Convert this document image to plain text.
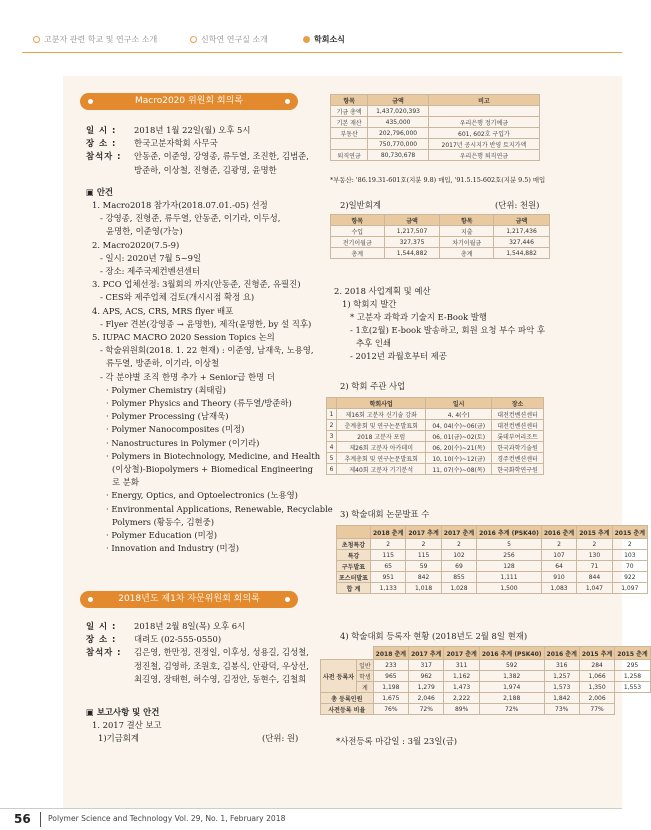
고분자 관련 학교 및 연구소 소개	신학연 연구실 소개	학회소식
Macro2020 위원회 회의록
일 시 : 2018년 1월 22일(월) 오후 5시
장 소 : 한국고분자학회 사무국
참석자 : 안동준, 이준영, 강영종, 류두열, 조진한, 김범준,
방준하, 이상철, 진형준, 김광명, 윤명한
▣ 안건
1. Macro2018 참가자(2018.07.01.-05) 선정
- 강영종, 진형준, 류두열, 안동준, 이기라, 이두성,
윤명한, 이준영(가능)
2. Macro2020(7.5-9)
- 일시: 2020년 7월 5~9일
- 장소: 제주국제컨벤션센터
3. PCO 업체선정: 3월회의 까지(안동준, 진형준, 유필진)
- CES와 제주업체 검토(개시시점 확정 요)
4. APS, ACS, CRS, MRS flyer 배포
- Flyer 견본(강영종 → 윤명한), 제작(윤명한, by 설 직후)
5. IUPAC MACRO 2020 Session Topics 논의
- 학술위원회(2018. 1. 22 현재) : 이준영, 남재욱, 노용영,
류두열, 방준하, 이기라, 이상철
- 각 분야별 조직 한명 추가 + Senior급 한명 더
· Polymer Chemistry (최태림)
· Polymer Physics and Theory (류두열/방준하)
· Polymer Processing (남재욱)
· Polymer Nanocomposites (미정)
· Nanostructures in Polymer (이기라)
· Polymers in Biotechnology, Medicine, and Health
(이상철)-Biopolymers + Biomedical Engineering
로 분화
· Energy, Optics, and Optoelectronics (노용영)
· Environmental Applications, Renewable, Recyclable
Polymers (황동수, 김현중)
· Polymer Education (미정)
· Innovation and Industry (미정)
2018년도 제1차 자문위원회 회의록
일 시 : 2018년 2월 8일(목) 오후 6시
장 소 : 대려도 (02-555-0550)
참석자 : 김은영, 한만정, 진정일, 이후성, 성용길, 김성철,
정진철, 김영하, 조원호, 김봉식, 안광덕, 우상선,
최길영, 장태현, 허수영, 김정안, 동현수, 김철희
▣ 보고사항 및 안건
1. 2017 결산 보고
1)기금회계	(단위: 원)
항목	금액	비고
기금 총액	1,437,020,393	
기본 재산	435,000	우리은행 정기예금
부동산	202,796,000	601, 602호 구입가
	750,770,000	2017년 공시지가 반영 토지가액
퇴직연금	80,730,678	우리은행 퇴직연금
*부동산: '86.19.31-601호(지분 9.8) 매입, '91.5.15-602호(지분 9.5) 매입
2)일반회계	(단위: 천원)
항목	금액	항목	금액
수입	1,217,507	지출	1,217,436
전기이월금	327,375	차기이월금	327,446
총계	1,544,882	총계	1,544,882
2. 2018 사업계획 및 예산
1) 학회지 발간
* 고분자 과학과 기술지 E-Book 발행
- 1호(2월) E-book 발송하고, 회원 요청 부수 파악 후
추후 인쇄
- 2012년 과월호부터 제공
2) 학회 주관 사업
	학회사업	일시	장소
1	제16회 고분자 신기술 강좌	4, 4(수)	대전컨벤션센터
2	춘계총회 및 연구논문발표회	04, 04(수)~06(금)	대전컨벤션센터
3	2018 고분자 포럼	06, 01(금)~02(토)	롯데부여리조트
4	제26회 고분자 아카데미	06, 20(수)~21(목)	한국과학기술원
5	추계총회 및 연구논문발표회	10, 10(수)~12(금)	경주컨벤션센터
6	제40회 고분자 기기분석	11, 07(수)~08(목)	한국화학연구원
3) 학술대회 논문발표 수
	2018 춘계	2017 추계	2017 춘계	2016 추계 (PSK40)	2016 춘계	2015 추계	2015 춘계
초청특강	2	2	2	5	2	2	2
특강	115	115	102	256	107	130	103
구두발표	65	59	69	128	64	71	70
포스터발표	951	842	855	1,111	910	844	922
합 계	1,133	1,018	1,028	1,500	1,083	1,047	1,097
4) 학술대회 등록자 현황 (2018년도 2월 8일 현재)
		2018 춘계	2017 추계	2017 춘계	2016 추계 (PSK40)	2016 춘계	2015 추계	2015 춘계
사전 등록자	일반	233	317	311	592	316	284	295
	학생	965	962	1,162	1,382	1,257	1,066	1,258
	계	1,198	1,279	1,473	1,974	1,573	1,350	1,553
총 등록인원		1,675	2,046	2,222	2,188	1,842	2,006	
사전등록 비율		76%	72%	89%	72%	73%	77%	
*사전등록 마감일 : 3월 23일(금)
56 Polymer Science and Technology Vol. 29, No. 1, February 2018
